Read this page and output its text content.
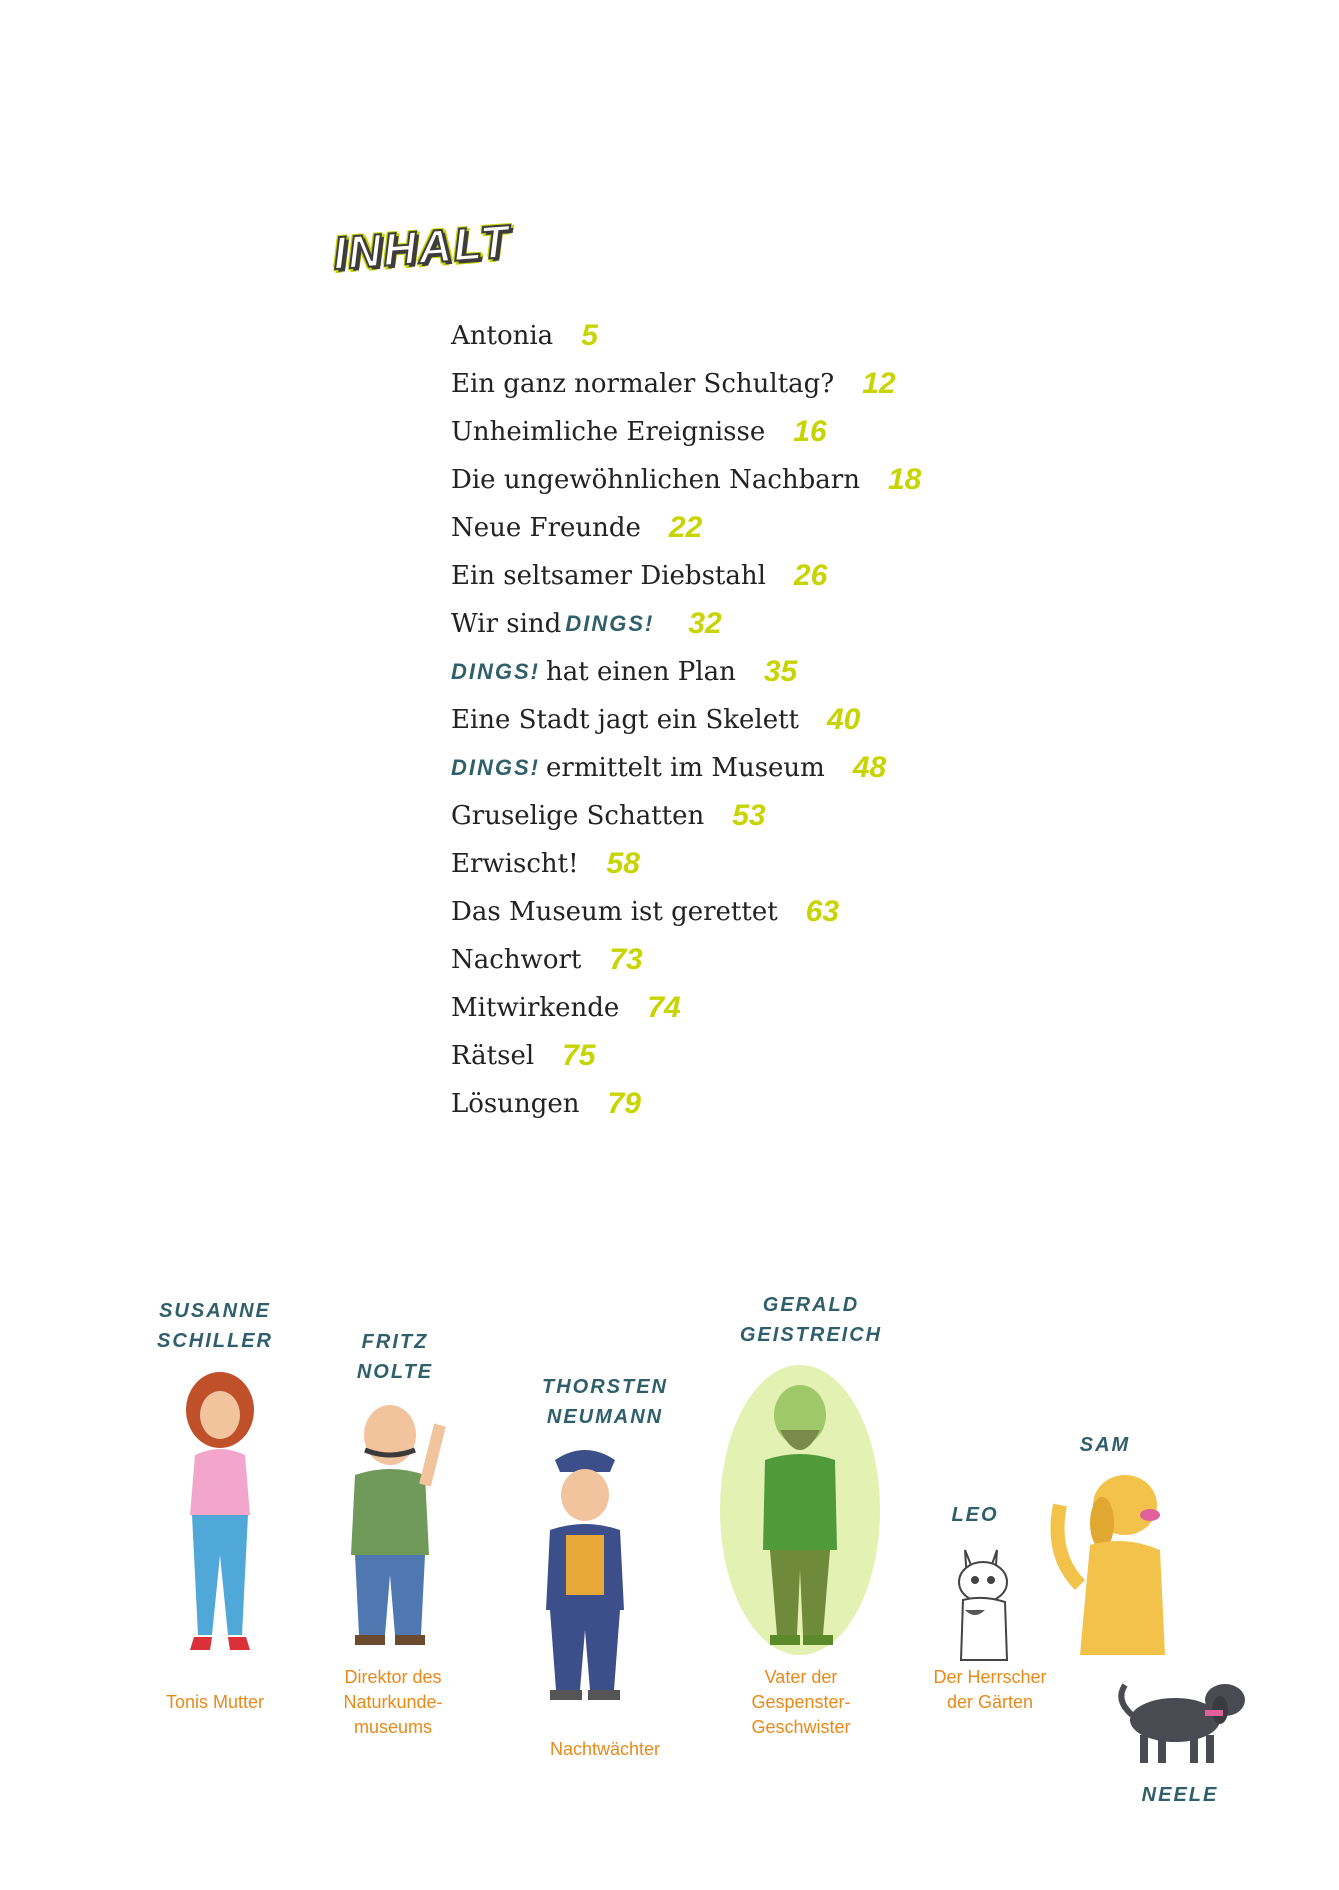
INHALT
Antonia 5
Ein ganz normaler Schultag? 12
Unheimliche Ereignisse 16
Die ungewöhnlichen Nachbarn 18
Neue Freunde 22
Ein seltsamer Diebstahl 26
Wir sind DINGS! 32
DINGS! hat einen Plan 35
Eine Stadt jagt ein Skelett 40
DINGS! ermittelt im Museum 48
Gruselige Schatten 53
Erwischt! 58
Das Museum ist gerettet 63
Nachwort 73
Mitwirkende 74
Rätsel 75
Lösungen 79
SUSANNE
SCHILLER
Tonis Mutter
FRITZ
NOLTE
Direktor des
Naturkunde-
museums
THORSTEN
NEUMANN
Nachtwächter
GERALD
GEISTREICH
Vater der
Gespenster-
Geschwister
LEO
SAM
Der Herrscher
der Gärten
NEELE
